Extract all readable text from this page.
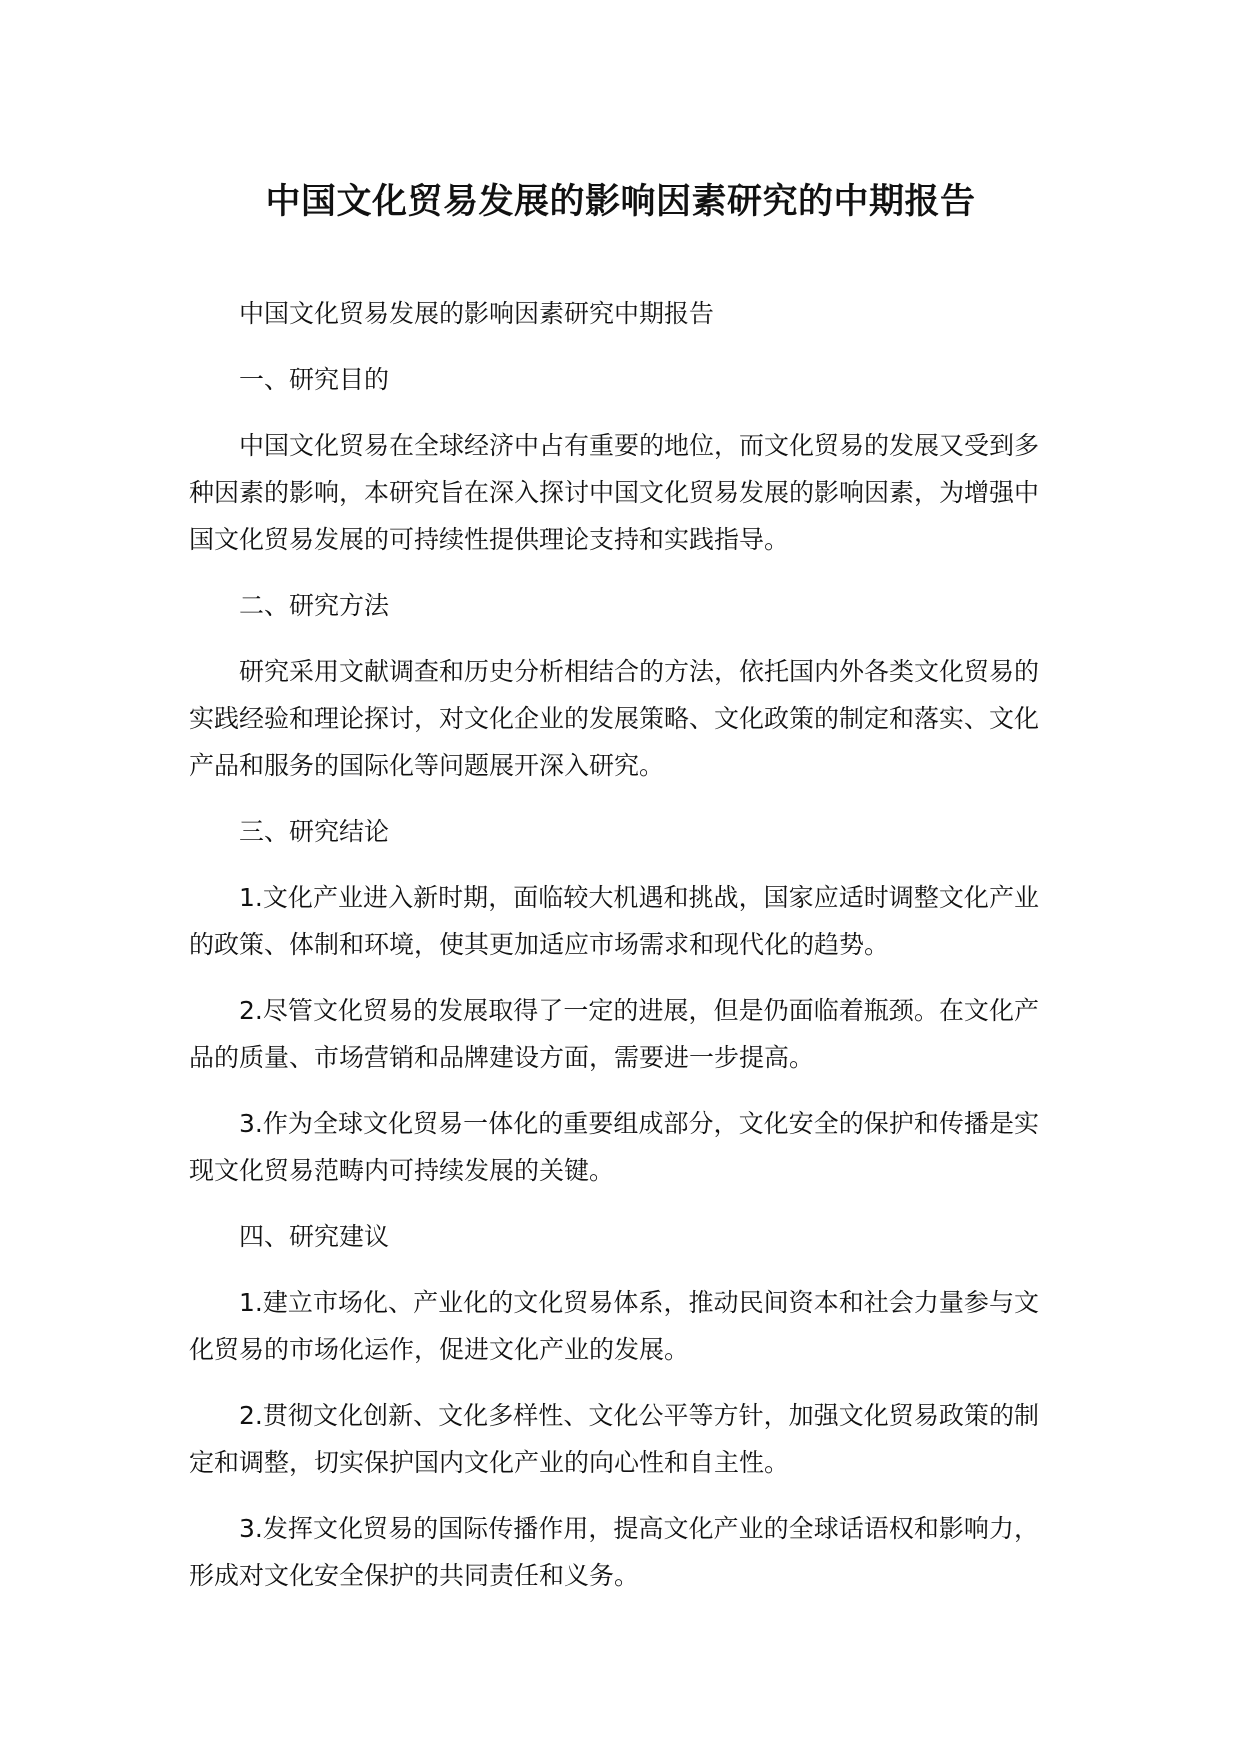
中国文化贸易发展的影响因素研究的中期报告

中国文化贸易发展的影响因素研究中期报告

一、研究目的

中国文化贸易在全球经济中占有重要的地位，而文化贸易的发展又受到多种因素的影响，本研究旨在深入探讨中国文化贸易发展的影响因素，为增强中国文化贸易发展的可持续性提供理论支持和实践指导。

二、研究方法

研究采用文献调查和历史分析相结合的方法，依托国内外各类文化贸易的实践经验和理论探讨，对文化企业的发展策略、文化政策的制定和落实、文化产品和服务的国际化等问题展开深入研究。

三、研究结论

1.文化产业进入新时期，面临较大机遇和挑战，国家应适时调整文化产业的政策、体制和环境，使其更加适应市场需求和现代化的趋势。

2.尽管文化贸易的发展取得了一定的进展，但是仍面临着瓶颈。在文化产品的质量、市场营销和品牌建设方面，需要进一步提高。

3.作为全球文化贸易一体化的重要组成部分，文化安全的保护和传播是实现文化贸易范畴内可持续发展的关键。

四、研究建议

1.建立市场化、产业化的文化贸易体系，推动民间资本和社会力量参与文化贸易的市场化运作，促进文化产业的发展。

2.贯彻文化创新、文化多样性、文化公平等方针，加强文化贸易政策的制定和调整，切实保护国内文化产业的向心性和自主性。

3.发挥文化贸易的国际传播作用，提高文化产业的全球话语权和影响力，形成对文化安全保护的共同责任和义务。
